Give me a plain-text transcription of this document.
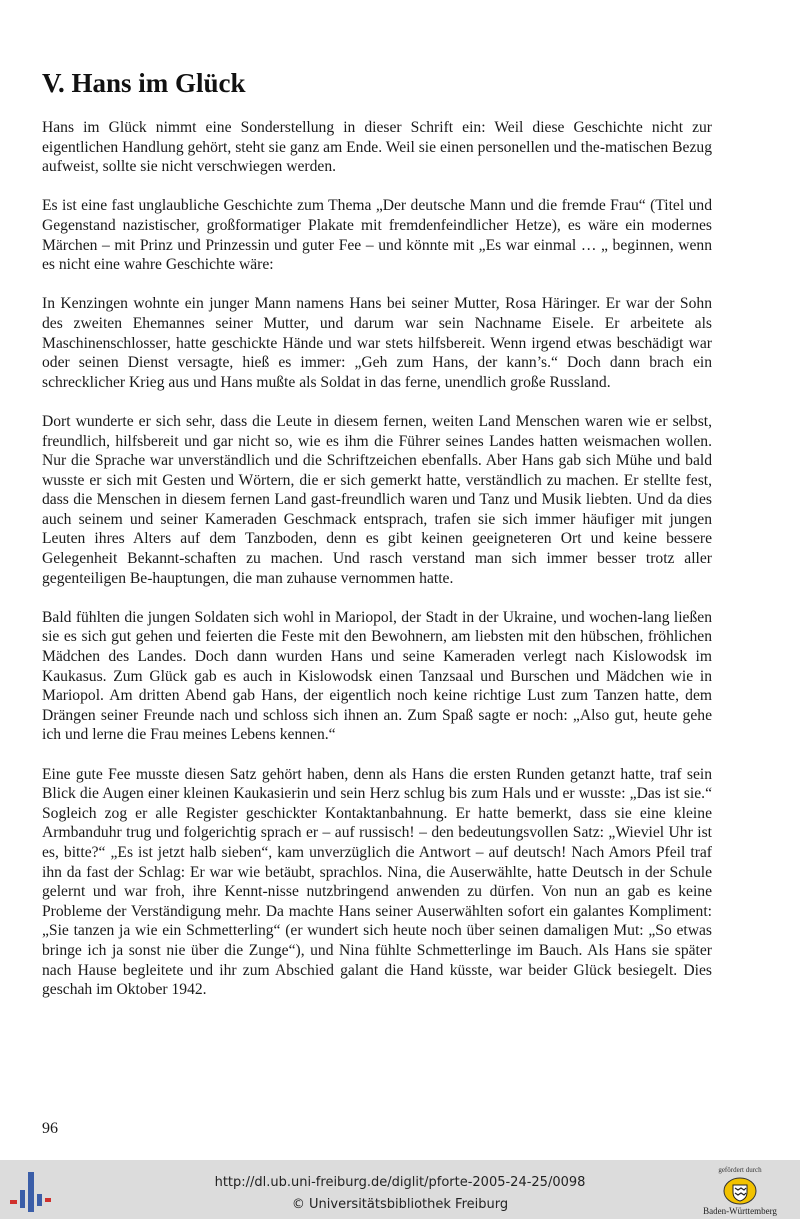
V. Hans im Glück

Hans im Glück nimmt eine Sonderstellung in dieser Schrift ein: Weil diese Geschichte nicht zur eigentlichen Handlung gehört, steht sie ganz am Ende. Weil sie einen personellen und the-matischen Bezug aufweist, sollte sie nicht verschwiegen werden.

Es ist eine fast unglaubliche Geschichte zum Thema „Der deutsche Mann und die fremde Frau“ (Titel und Gegenstand nazistischer, großformatiger Plakate mit fremdenfeindlicher Hetze), es wäre ein modernes Märchen – mit Prinz und Prinzessin und guter Fee – und könnte mit „Es war einmal … „ beginnen, wenn es nicht eine wahre Geschichte wäre:

In Kenzingen wohnte ein junger Mann namens Hans bei seiner Mutter, Rosa Häringer. Er war der Sohn des zweiten Ehemannes seiner Mutter, und darum war sein Nachname Eisele. Er arbeitete als Maschinenschlosser, hatte geschickte Hände und war stets hilfsbereit. Wenn irgend etwas beschädigt war oder seinen Dienst versagte, hieß es immer: „Geh zum Hans, der kann’s.“ Doch dann brach ein schrecklicher Krieg aus und Hans mußte als Soldat in das ferne, unendlich große Russland.

Dort wunderte er sich sehr, dass die Leute in diesem fernen, weiten Land Menschen waren wie er selbst, freundlich, hilfsbereit und gar nicht so, wie es ihm die Führer seines Landes hatten weismachen wollen. Nur die Sprache war unverständlich und die Schriftzeichen ebenfalls. Aber Hans gab sich Mühe und bald wusste er sich mit Gesten und Wörtern, die er sich gemerkt hatte, verständlich zu machen. Er stellte fest, dass die Menschen in diesem fernen Land gast-freundlich waren und Tanz und Musik liebten. Und da dies auch seinem und seiner Kameraden Geschmack entsprach, trafen sie sich immer häufiger mit jungen Leuten ihres Alters auf dem Tanzboden, denn es gibt keinen geeigneteren Ort und keine bessere Gelegenheit Bekannt-schaften zu machen. Und rasch verstand man sich immer besser trotz aller gegenteiligen Be-hauptungen, die man zuhause vernommen hatte.

Bald fühlten die jungen Soldaten sich wohl in Mariopol, der Stadt in der Ukraine, und wochen-lang ließen sie es sich gut gehen und feierten die Feste mit den Bewohnern, am liebsten mit den hübschen, fröhlichen Mädchen des Landes. Doch dann wurden Hans und seine Kameraden verlegt nach Kislowodsk im Kaukasus. Zum Glück gab es auch in Kislowodsk einen Tanzsaal und Burschen und Mädchen wie in Mariopol. Am dritten Abend gab Hans, der eigentlich noch keine richtige Lust zum Tanzen hatte, dem Drängen seiner Freunde nach und schloss sich ihnen an. Zum Spaß sagte er noch: „Also gut, heute gehe ich und lerne die Frau meines Lebens kennen.“

Eine gute Fee musste diesen Satz gehört haben, denn als Hans die ersten Runden getanzt hatte, traf sein Blick die Augen einer kleinen Kaukasierin und sein Herz schlug bis zum Hals und er wusste: „Das ist sie.“ Sogleich zog er alle Register geschickter Kontaktanbahnung. Er hatte bemerkt, dass sie eine kleine Armbanduhr trug und folgerichtig sprach er – auf russisch! – den bedeutungsvollen Satz: „Wieviel Uhr ist es, bitte?“ „Es ist jetzt halb sieben“, kam unverzüglich die Antwort – auf deutsch! Nach Amors Pfeil traf ihn da fast der Schlag: Er war wie betäubt, sprachlos. Nina, die Auserwählte, hatte Deutsch in der Schule gelernt und war froh, ihre Kennt-nisse nutzbringend anwenden zu dürfen. Von nun an gab es keine Probleme der Verständigung mehr. Da machte Hans seiner Auserwählten sofort ein galantes Kompliment: „Sie tanzen ja wie ein Schmetterling“ (er wundert sich heute noch über seinen damaligen Mut: „So etwas bringe ich ja sonst nie über die Zunge“), und Nina fühlte Schmetterlinge im Bauch. Als Hans sie später nach Hause begleitete und ihr zum Abschied galant die Hand küsste, war beider Glück besiegelt. Dies geschah im Oktober 1942.

96
http://dl.ub.uni-freiburg.de/diglit/pforte-2005-24-25/0098
© Universitätsbibliothek Freiburg
gefördert durch
Baden-Württemberg
